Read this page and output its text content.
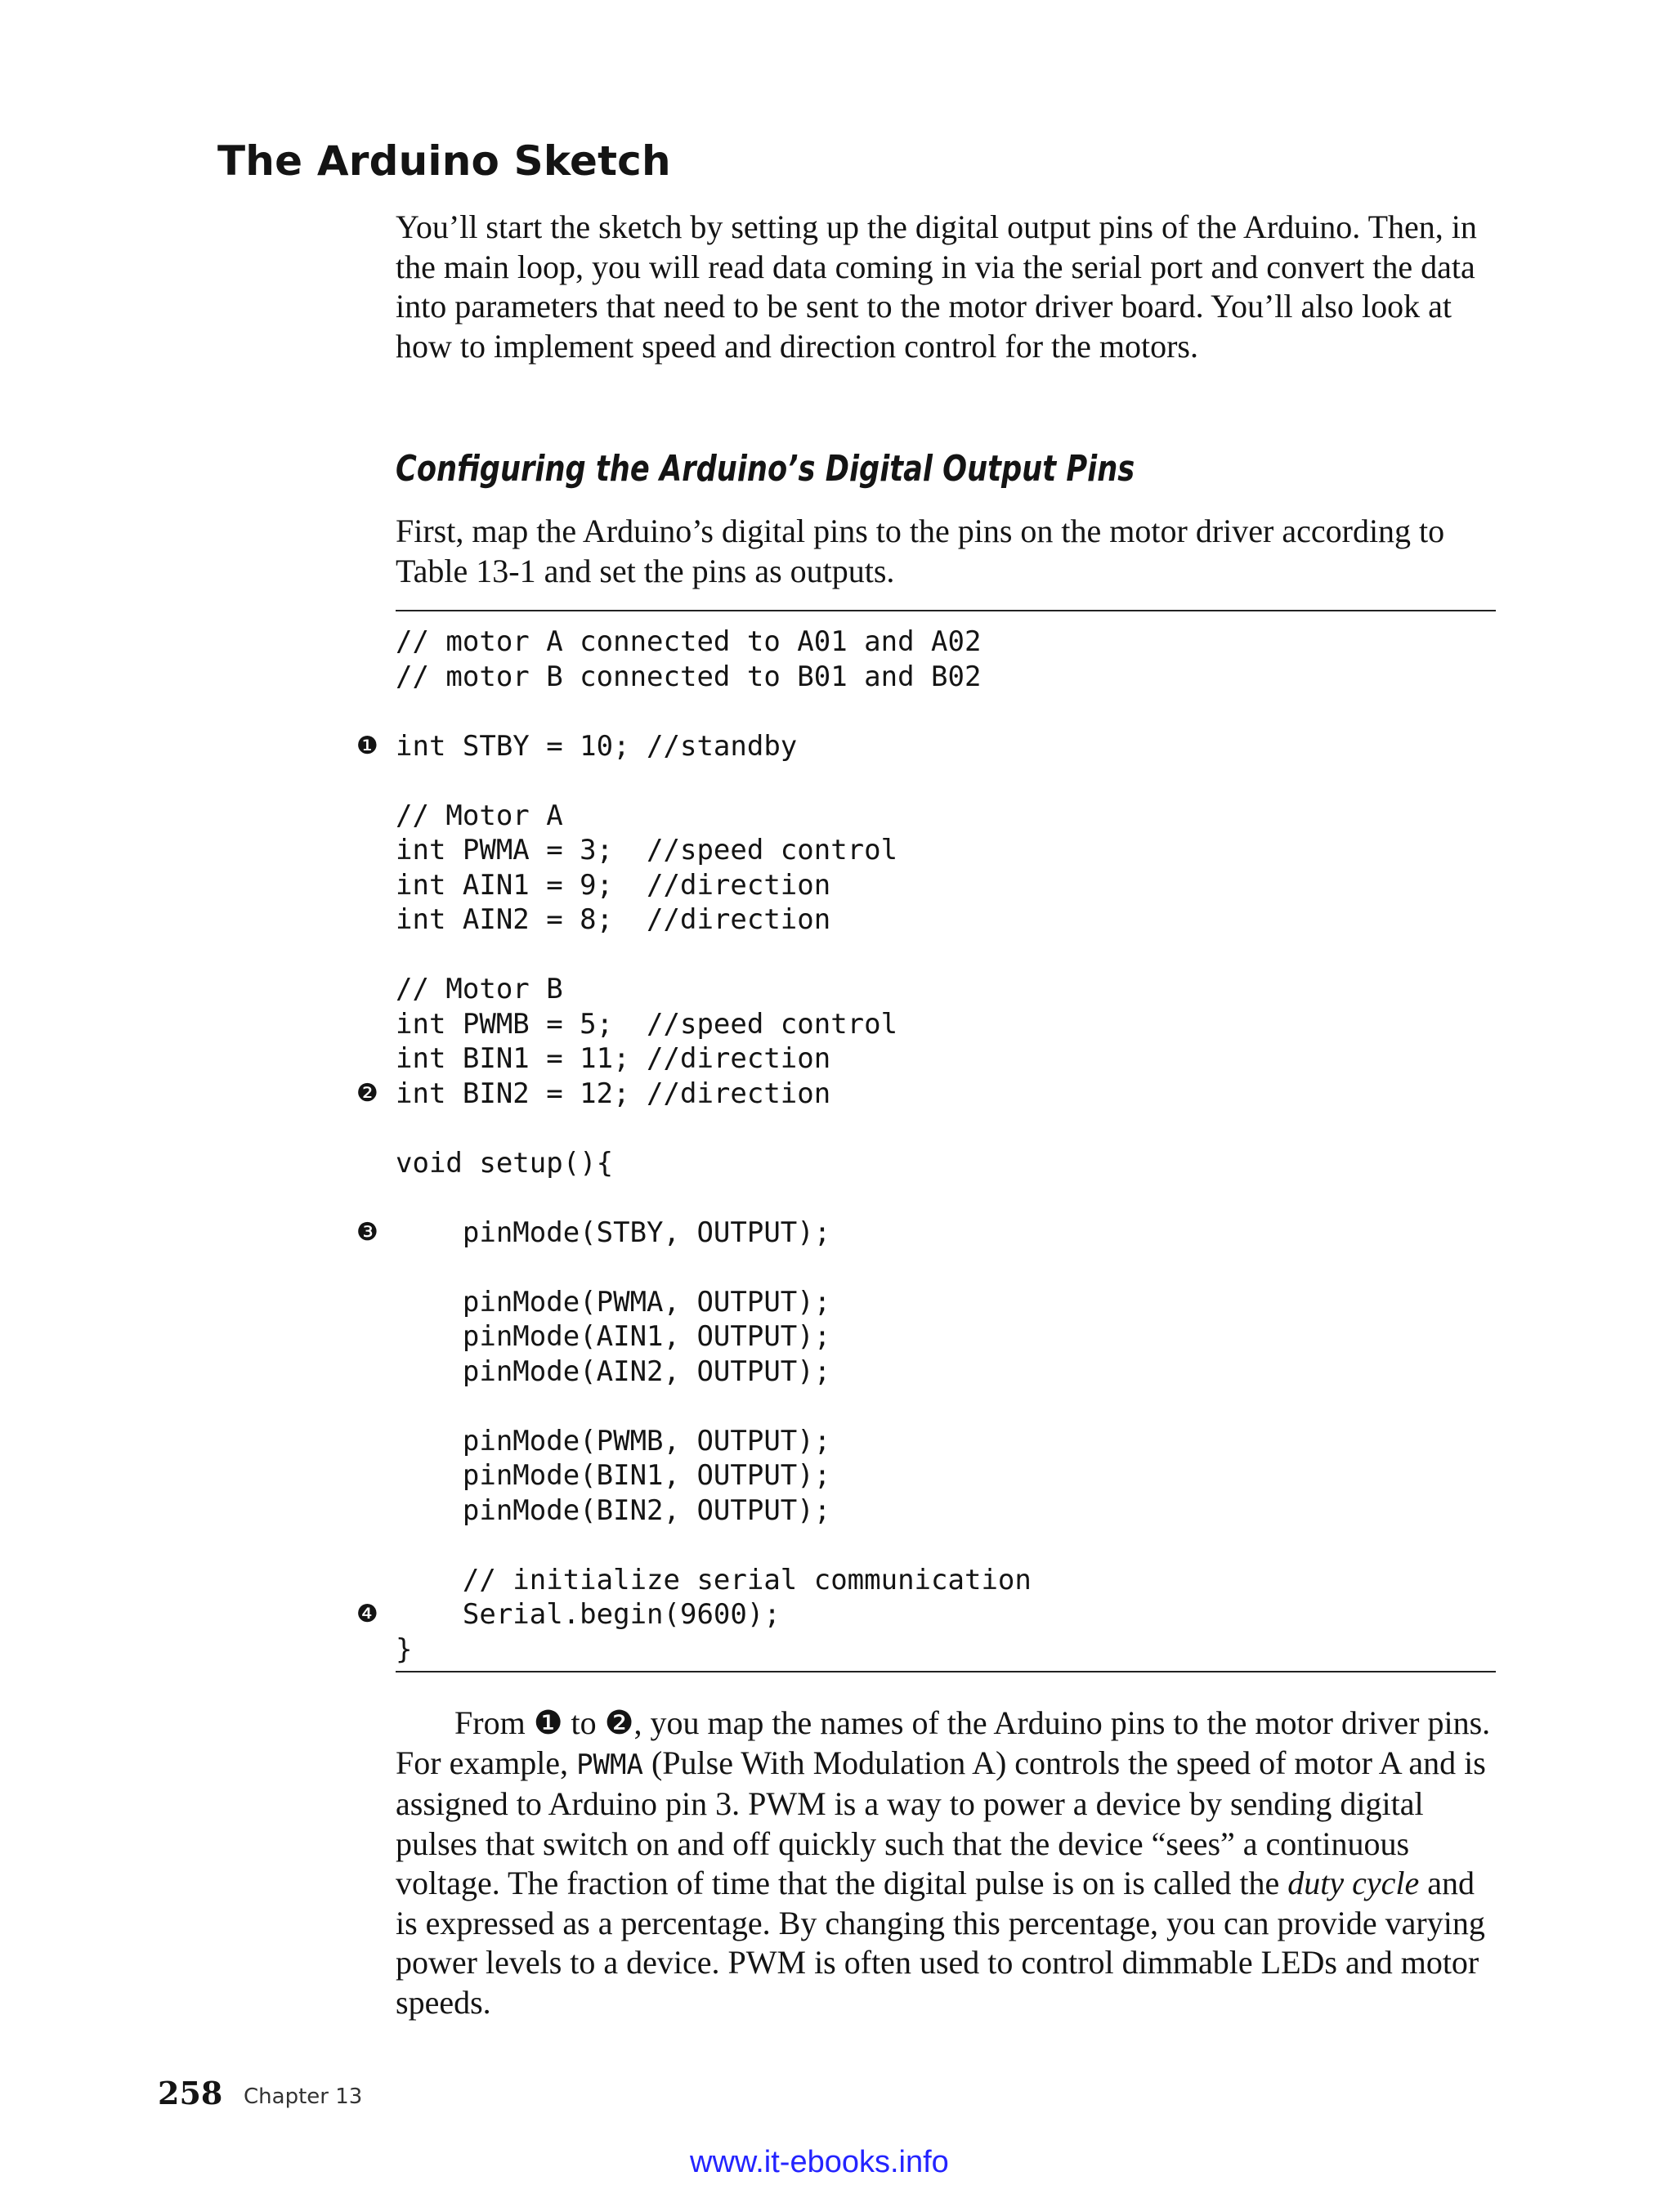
The Arduino Sketch

You’ll start the sketch by setting up the digital output pins of the Arduino. Then, in the main loop, you will read data coming in via the serial port and convert the data into parameters that need to be sent to the motor driver board. You’ll also look at how to implement speed and direction control for the motors.

Configuring the Arduino’s Digital Output Pins

First, map the Arduino’s digital pins to the pins on the motor driver according to Table 13-1 and set the pins as outputs.

❶
❷
❸
❹
// motor A connected to A01 and A02
// motor B connected to B01 and B02
int STBY = 10; //standby
// Motor A
int PWMA = 3;  //speed control
int AIN1 = 9;  //direction
int AIN2 = 8;  //direction
// Motor B
int PWMB = 5;  //speed control
int BIN1 = 11; //direction
int BIN2 = 12; //direction
void setup(){
pinMode(STBY, OUTPUT);
pinMode(PWMA, OUTPUT);
pinMode(AIN1, OUTPUT);
pinMode(AIN2, OUTPUT);
pinMode(PWMB, OUTPUT);
pinMode(BIN1, OUTPUT);
pinMode(BIN2, OUTPUT);
// initialize serial communication
Serial.begin(9600);
}

From ❶ to ❷, you map the names of the Arduino pins to the motor driver pins. For example, PWMA (Pulse With Modulation A) controls the speed of motor A and is assigned to Arduino pin 3. PWM is a way to power a device by sending digital pulses that switch on and off quickly such that the device “sees” a continuous voltage. The fraction of time that the digital pulse is on is called the duty cycle and is expressed as a percentage. By changing this percentage, you can provide varying power levels to a device. PWM is often used to control dimmable LEDs and motor speeds.

258 Chapter 13
www.it-ebooks.info
